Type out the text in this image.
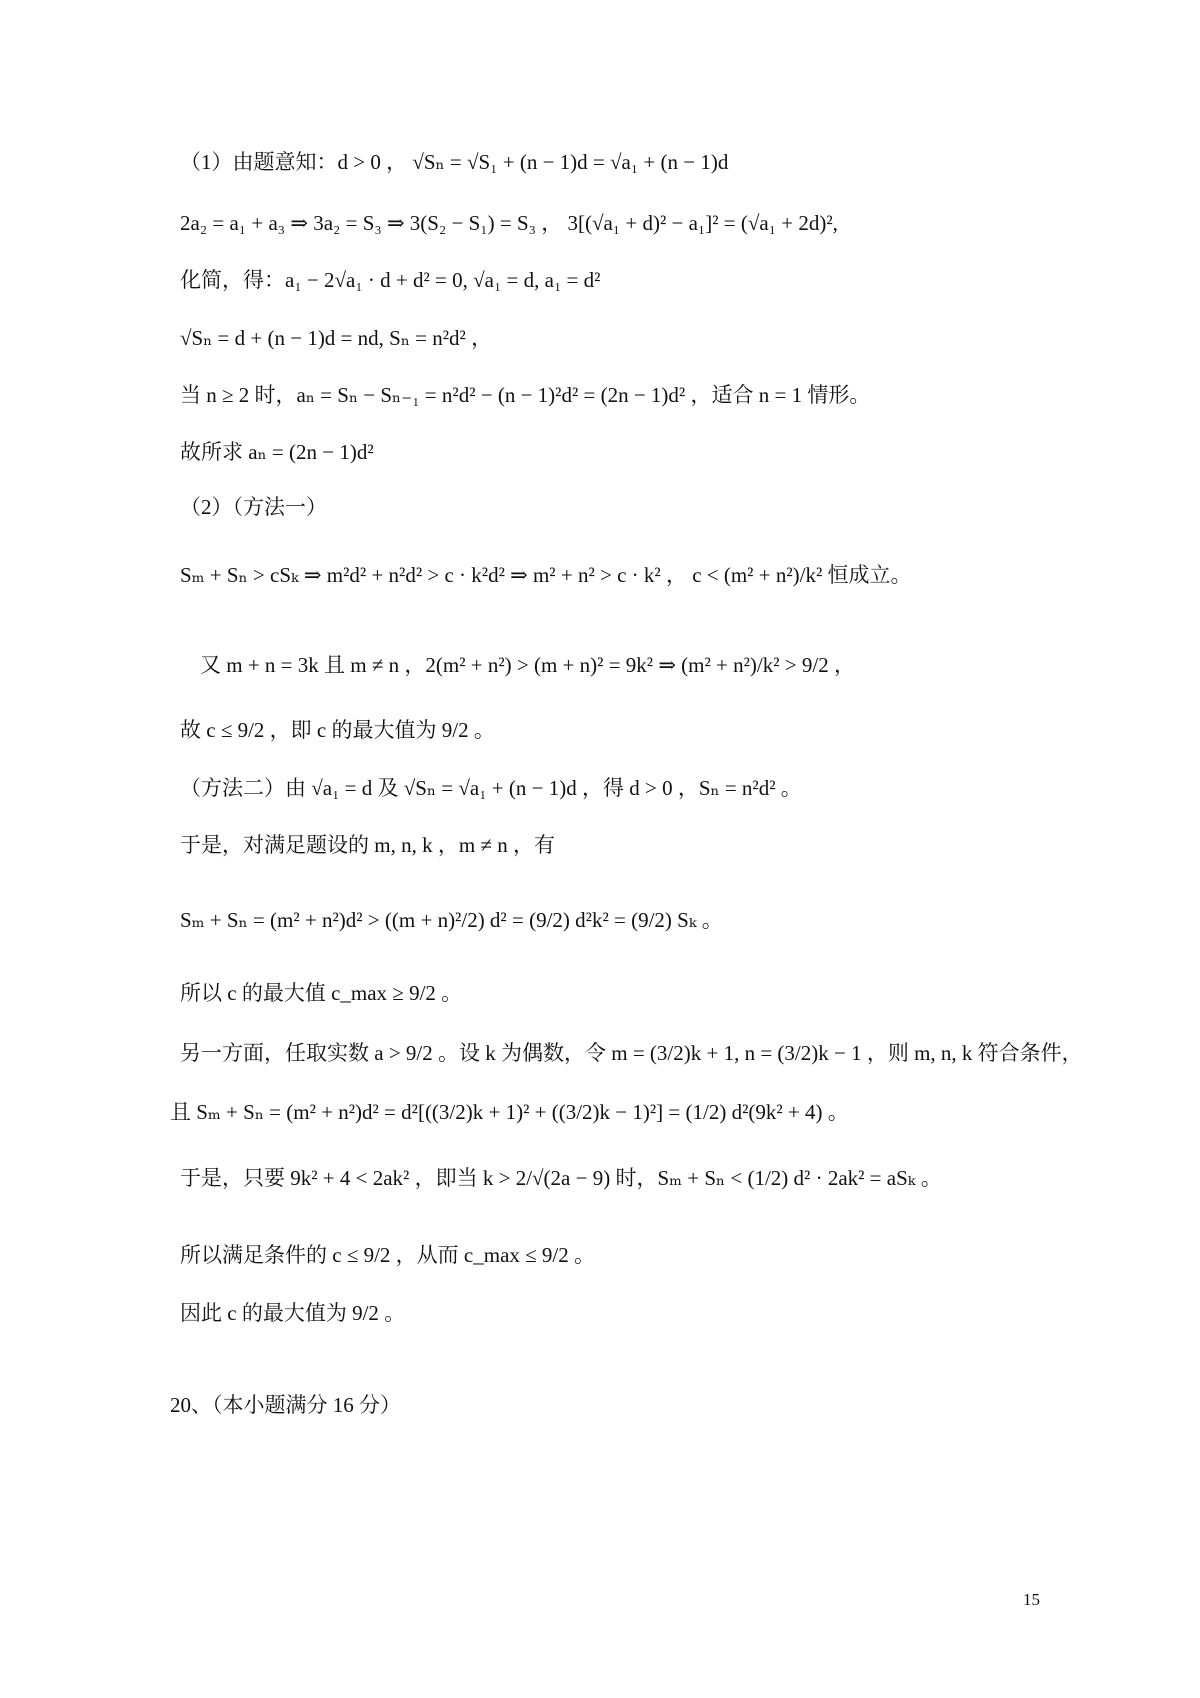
（1）由题意知：d > 0 ， √Sₙ = √S₁ + (n − 1)d = √a₁ + (n − 1)d
2a₂ = a₁ + a₃ ⇒ 3a₂ = S₃ ⇒ 3(S₂ − S₁) = S₃ ， 3[(√a₁ + d)² − a₁]² = (√a₁ + 2d)²,
化简，得：a₁ − 2√a₁ · d + d² = 0, √a₁ = d, a₁ = d²
√Sₙ = d + (n − 1)d = nd, Sₙ = n²d² ，
当 n ≥ 2 时，aₙ = Sₙ − Sₙ₋₁ = n²d² − (n − 1)²d² = (2n − 1)d² ，适合 n = 1 情形。
故所求 aₙ = (2n − 1)d²
（2）（方法一）
Sₘ + Sₙ > cSₖ ⇒ m²d² + n²d² > c · k²d² ⇒ m² + n² > c · k² ， c < (m² + n²)/k² 恒成立。
又 m + n = 3k 且 m ≠ n ，2(m² + n²) > (m + n)² = 9k² ⇒ (m² + n²)/k² > 9/2 ，
故 c ≤ 9/2 ，即 c 的最大值为 9/2 。
（方法二）由 √a₁ = d 及 √Sₙ = √a₁ + (n − 1)d ，得 d > 0 ，Sₙ = n²d² 。
于是，对满足题设的 m, n, k ，m ≠ n ，有
Sₘ + Sₙ = (m² + n²)d² > ((m + n)²/2) d² = (9/2) d²k² = (9/2) Sₖ 。
所以 c 的最大值 c_max ≥ 9/2 。
另一方面，任取实数 a > 9/2 。设 k 为偶数，令 m = (3/2)k + 1, n = (3/2)k − 1 ，则 m, n, k 符合条件，
且 Sₘ + Sₙ = (m² + n²)d² = d²[((3/2)k + 1)² + ((3/2)k − 1)²] = (1/2) d²(9k² + 4) 。
于是，只要 9k² + 4 < 2ak² ，即当 k > 2/√(2a − 9) 时，Sₘ + Sₙ < (1/2) d² · 2ak² = aSₖ 。
所以满足条件的 c ≤ 9/2 ，从而 c_max ≤ 9/2 。
因此 c 的最大值为 9/2 。
20、（本小题满分 16 分）
15
